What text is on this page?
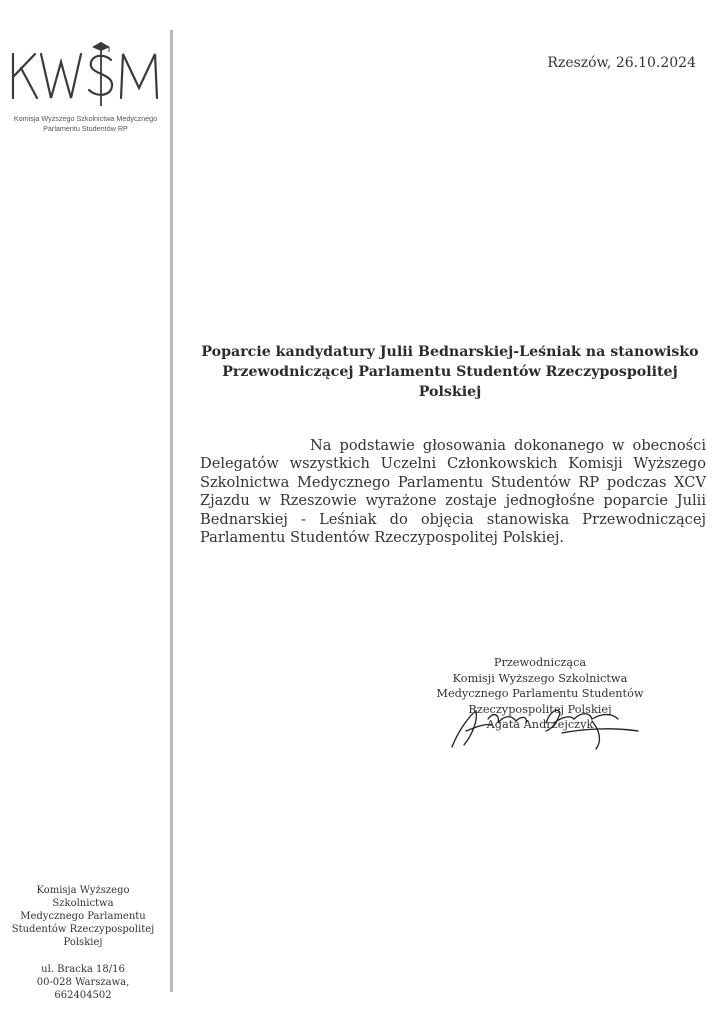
Komisja Wyższego Szkolnictwa Medycznego
Parlamentu Studentów RP
Rzeszów, 26.10.2024
Poparcie kandydatury Julii Bednarskiej-Leśniak na stanowisko
Przewodniczącej Parlamentu Studentów Rzeczypospolitej
Polskiej
Na podstawie głosowania dokonanego w obecności Delegatów wszystkich Uczelni Członkowskich Komisji Wyższego Szkolnictwa Medycznego Parlamentu Studentów RP podczas XCV Zjazdu w Rzeszowie wyrażone zostaje jednogłośne poparcie Julii Bednarskiej - Leśniak do objęcia stanowiska Przewodniczącej Parlamentu Studentów Rzeczypospolitej Polskiej.
Przewodnicząca
Komisji Wyższego Szkolnictwa
Medycznego Parlamentu Studentów
Rzeczypospolitej Polskiej
Agata Andrzejczyk
Komisja Wyższego Szkolnictwa
Medycznego Parlamentu
Studentów Rzeczypospolitej
Polskiej
ul. Bracka 18/16
00-028 Warszawa,
662404502
